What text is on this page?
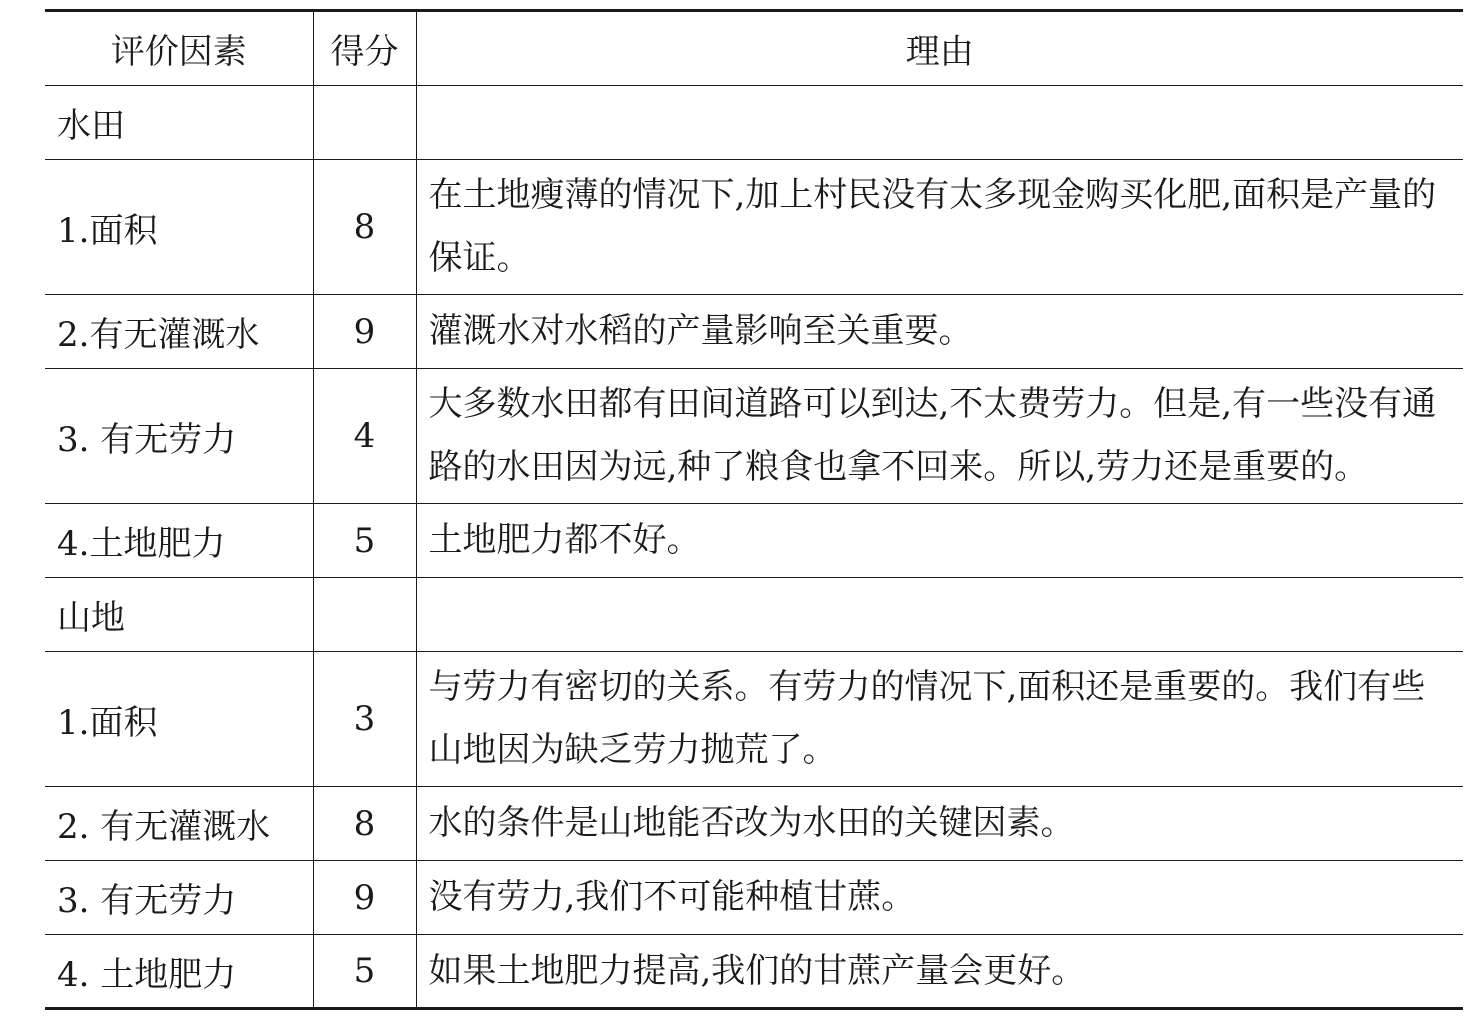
评价因素	得分	理由
水田		
1.面积	8	在土地瘦薄的情况下,加上村民没有太多现金购买化肥,面积是产量的保证。
2.有无灌溉水	9	灌溉水对水稻的产量影响至关重要。
3. 有无劳力	4	大多数水田都有田间道路可以到达,不太费劳力。但是,有一些没有通路的水田因为远,种了粮食也拿不回来。所以,劳力还是重要的。
4.土地肥力	5	土地肥力都不好。
山地		
1.面积	3	与劳力有密切的关系。有劳力的情况下,面积还是重要的。我们有些山地因为缺乏劳力抛荒了。
2. 有无灌溉水	8	水的条件是山地能否改为水田的关键因素。
3. 有无劳力	9	没有劳力,我们不可能种植甘蔗。
4. 土地肥力	5	如果土地肥力提高,我们的甘蔗产量会更好。
